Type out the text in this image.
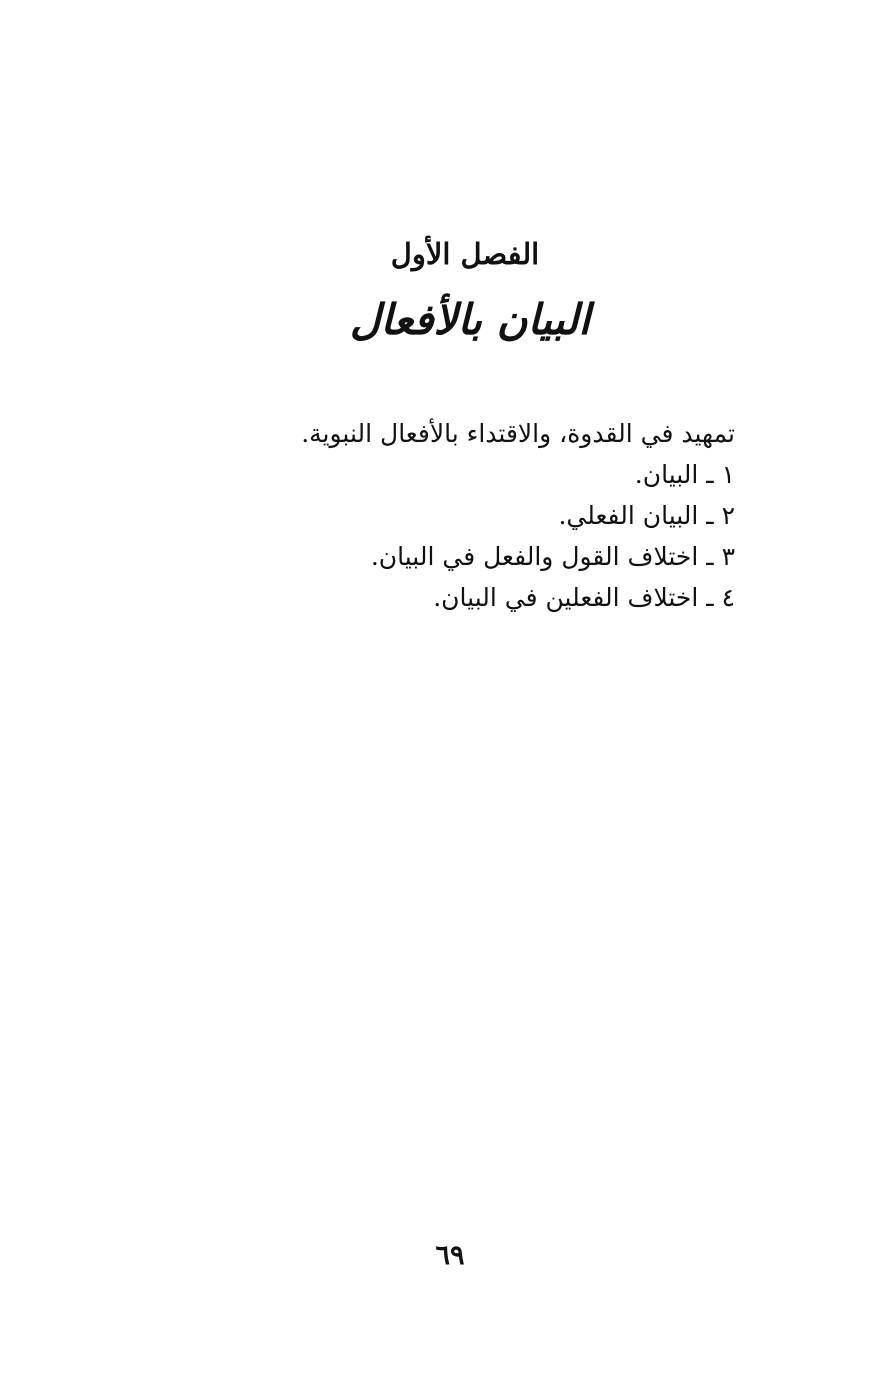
الفصل الأول
البيان بالأفعال
تمهيد في القدوة، والاقتداء بالأفعال النبوية.
١ ـ البيان.
٢ ـ البيان الفعلي.
٣ ـ اختلاف القول والفعل في البيان.
٤ ـ اختلاف الفعلين في البيان.
٦٩
